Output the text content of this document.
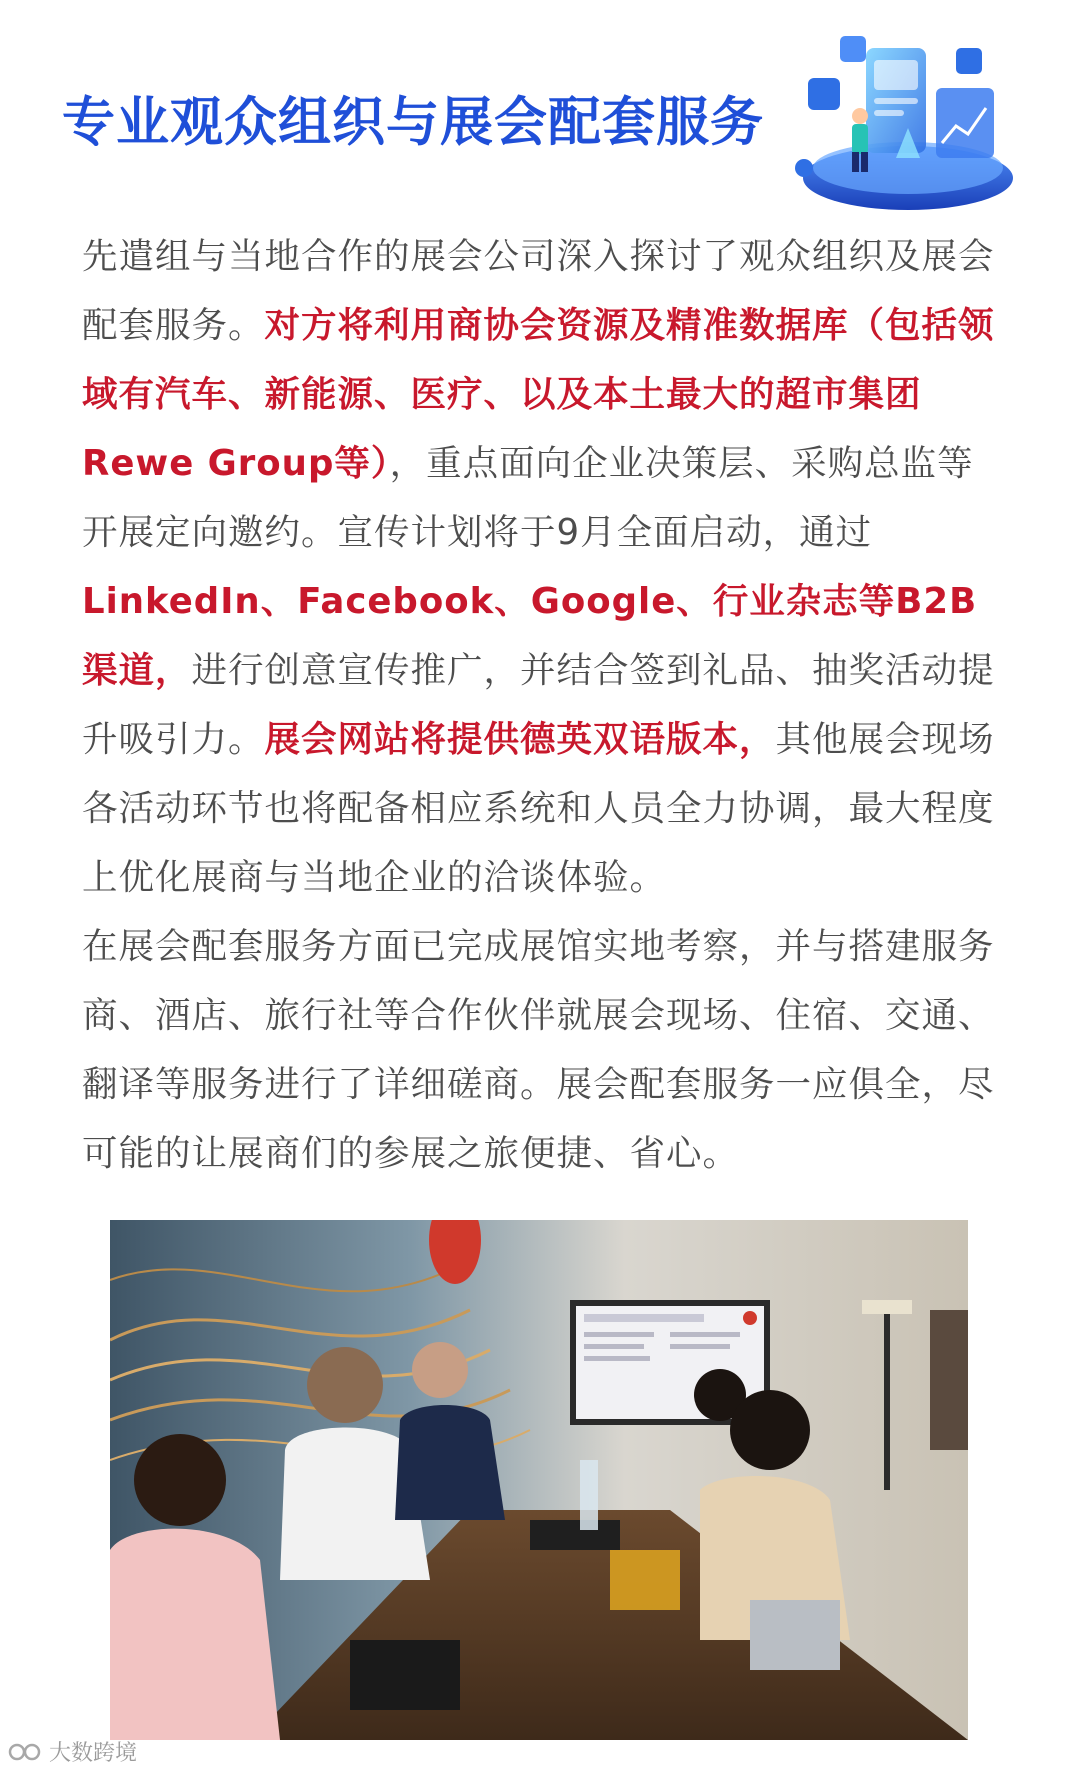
专业观众组织与展会配套服务

先遣组与当地合作的展会公司深入探讨了观众组织及展会配套服务。对方将利用商协会资源及精准数据库（包括领域有汽车、新能源、医疗、以及本土最大的超市集团Rewe Group等），重点面向企业决策层、采购总监等开展定向邀约。宣传计划将于9月全面启动，通过LinkedIn、Facebook、Google、行业杂志等B2B渠道，进行创意宣传推广，并结合签到礼品、抽奖活动提升吸引力。展会网站将提供德英双语版本，其他展会现场各活动环节也将配备相应系统和人员全力协调，最大程度上优化展商与当地企业的洽谈体验。

在展会配套服务方面已完成展馆实地考察，并与搭建服务商、酒店、旅行社等合作伙伴就展会现场、住宿、交通、翻译等服务进行了详细磋商。展会配套服务一应俱全，尽可能的让展商们的参展之旅便捷、省心。

大数跨境
